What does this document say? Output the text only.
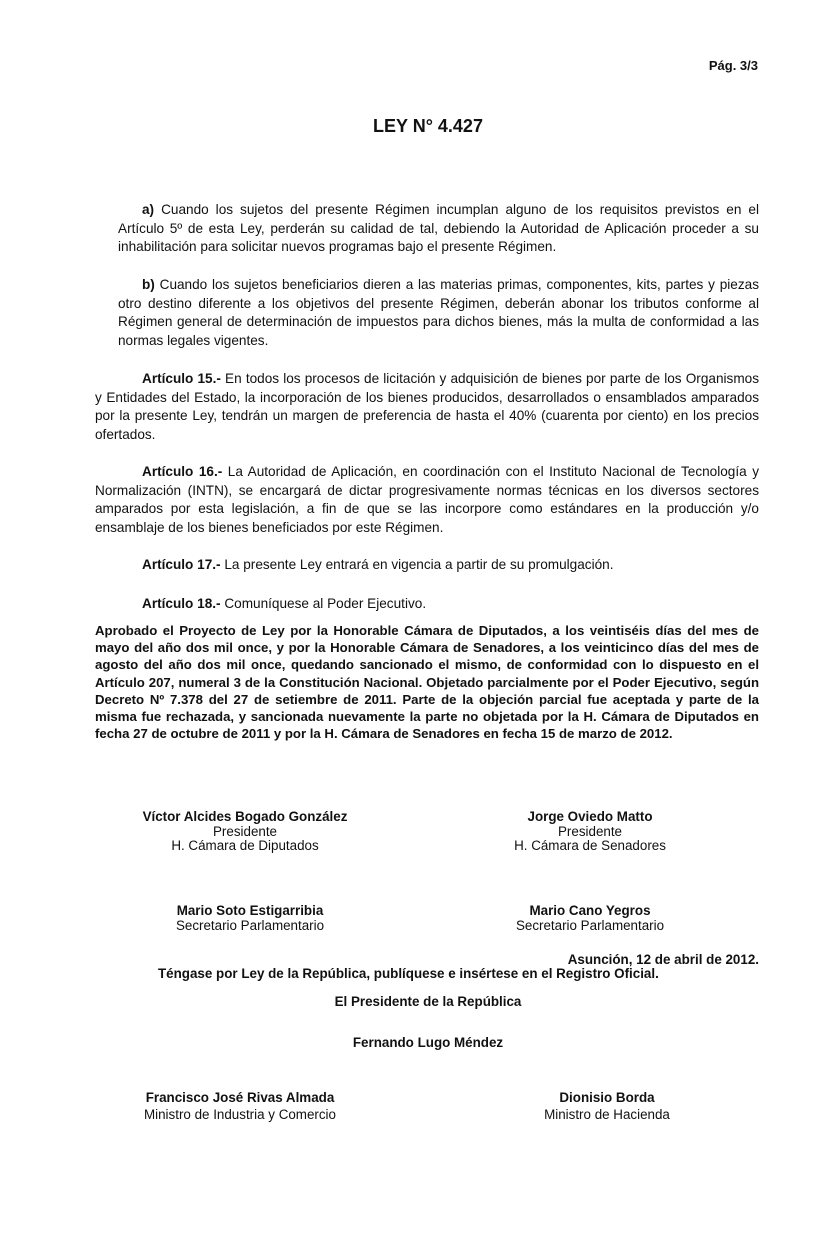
Pág. 3/3
LEY N° 4.427

a) Cuando los sujetos del presente Régimen incumplan alguno de los requisitos previstos en el Artículo 5º de esta Ley, perderán su calidad de tal, debiendo la Autoridad de Aplicación proceder a su inhabilitación para solicitar nuevos programas bajo el presente Régimen.

b) Cuando los sujetos beneficiarios dieren a las materias primas, componentes, kits, partes y piezas otro destino diferente a los objetivos del presente Régimen, deberán abonar los tributos conforme al Régimen general de determinación de impuestos para dichos bienes, más la multa de conformidad a las normas legales vigentes.

Artículo 15.- En todos los procesos de licitación y adquisición de bienes por parte de los Organismos y Entidades del Estado, la incorporación de los bienes producidos, desarrollados o ensamblados amparados por la presente Ley, tendrán un margen de preferencia de hasta el 40% (cuarenta por ciento) en los precios ofertados.

Artículo 16.- La Autoridad de Aplicación, en coordinación con el Instituto Nacional de Tecnología y Normalización (INTN), se encargará de dictar progresivamente normas técnicas en los diversos sectores amparados por esta legislación, a fin de que se las incorpore como estándares en la producción y/o ensamblaje de los bienes beneficiados por este Régimen.

Artículo 17.- La presente Ley entrará en vigencia a partir de su promulgación.

Artículo 18.- Comuníquese al Poder Ejecutivo.

Aprobado el Proyecto de Ley por la Honorable Cámara de Diputados, a los veintiséis días del mes de mayo del año dos mil once, y por la Honorable Cámara de Senadores, a los veinticinco días del mes de agosto del año dos mil once, quedando sancionado el mismo, de conformidad con lo dispuesto en el Artículo 207, numeral 3 de la Constitución Nacional. Objetado parcialmente por el Poder Ejecutivo, según Decreto Nº 7.378 del 27 de setiembre de 2011. Parte de la objeción parcial fue aceptada y parte de la misma fue rechazada, y sancionada nuevamente la parte no objetada por la H. Cámara de Diputados en fecha 27 de octubre de 2011 y por la H. Cámara de Senadores en fecha 15 de marzo de 2012.

Víctor Alcides Bogado González
Presidente
H. Cámara de Diputados
Jorge Oviedo Matto
Presidente
H. Cámara de Senadores
Mario Soto Estigarribia
Secretario Parlamentario
Mario Cano Yegros
Secretario Parlamentario
Asunción, 12 de abril de 2012.
Téngase por Ley de la República, publíquese e insértese en el Registro Oficial.
El Presidente de la República
Fernando Lugo Méndez
Francisco José Rivas Almada
Ministro de Industria y Comercio
Dionisio Borda
Ministro de Hacienda
